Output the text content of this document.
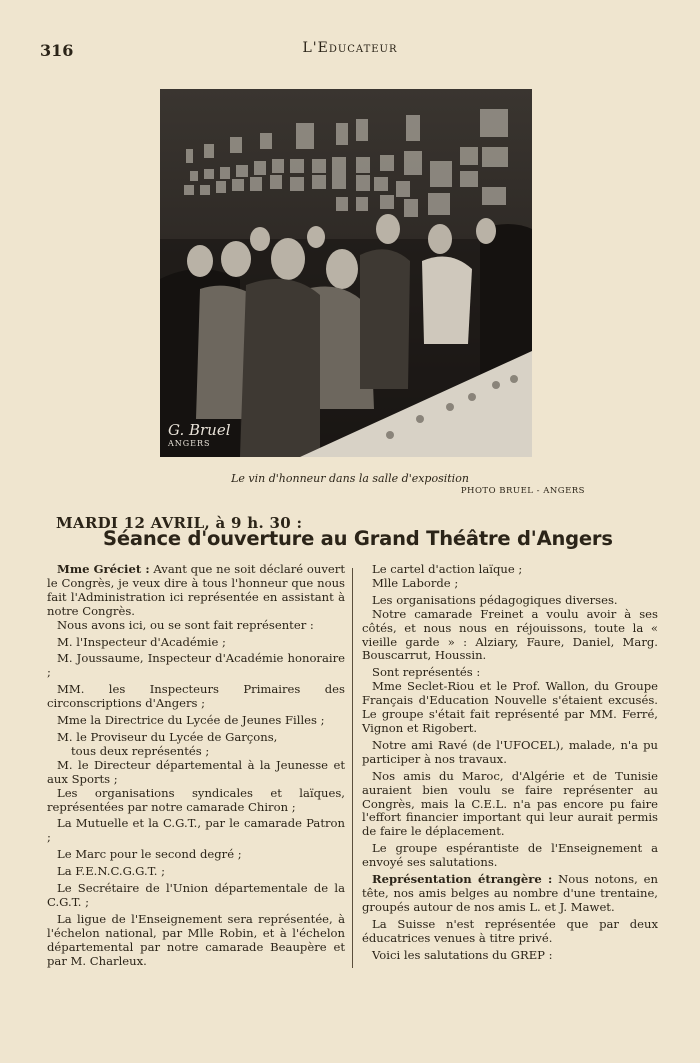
316	L'Educateur
G. Bruel
ANGERS
Le vin d'honneur dans la salle d'exposition
PHOTO BRUEL - ANGERS
MARDI 12 AVRIL, à 9 h. 30 :
Séance d'ouverture au Grand Théâtre d'Angers

Mme Gréciet : Avant que ne soit déclaré ouvert le Congrès, je veux dire à tous l'honneur que nous fait l'Administration ici représentée en assistant à notre Congrès.

Nous avons ici, ou se sont fait représenter :

M. l'Inspecteur d'Académie ;

M. Joussaume, Inspecteur d'Académie honoraire ;

MM. les Inspecteurs Primaires des circonscriptions d'Angers ;

Mme la Directrice du Lycée de Jeunes Filles ;

M. le Proviseur du Lycée de Garçons,

tous deux représentés ;

M. le Directeur départemental à la Jeunesse et aux Sports ;

Les organisations syndicales et laïques, représentées par notre camarade Chiron ;

La Mutuelle et la C.G.T., par le camarade Patron ;

Le Marc pour le second degré ;

La F.E.N.C.G.G.T. ;

Le Secrétaire de l'Union départementale de la C.G.T. ;

La ligue de l'Enseignement sera représentée, à l'échelon national, par Mlle Robin, et à l'échelon départemental par notre camarade Beaupère et par M. Charleux.

Le cartel d'action laïque ;

Mlle Laborde ;

Les organisations pédagogiques diverses.

Notre camarade Freinet a voulu avoir à ses côtés, et nous nous en réjouissons, toute la « vieille garde » : Alziary, Faure, Daniel, Marg. Bouscarrut, Houssin.

Sont représentés :

Mme Seclet-Riou et le Prof. Wallon, du Groupe Français d'Education Nouvelle s'étaient excusés. Le groupe s'était fait représenté par MM. Ferré, Vignon et Rigobert.

Notre ami Ravé (de l'UFOCEL), malade, n'a pu participer à nos travaux.

Nos amis du Maroc, d'Algérie et de Tunisie auraient bien voulu se faire représenter au Congrès, mais la C.E.L. n'a pas encore pu faire l'effort financier important qui leur aurait permis de faire le déplacement.

Le groupe espérantiste de l'Enseignement a envoyé ses salutations.

Représentation étrangère : Nous notons, en tête, nos amis belges au nombre d'une trentaine, groupés autour de nos amis L. et J. Mawet.

La Suisse n'est représentée que par deux éducatrices venues à titre privé.

Voici les salutations du GREP :
